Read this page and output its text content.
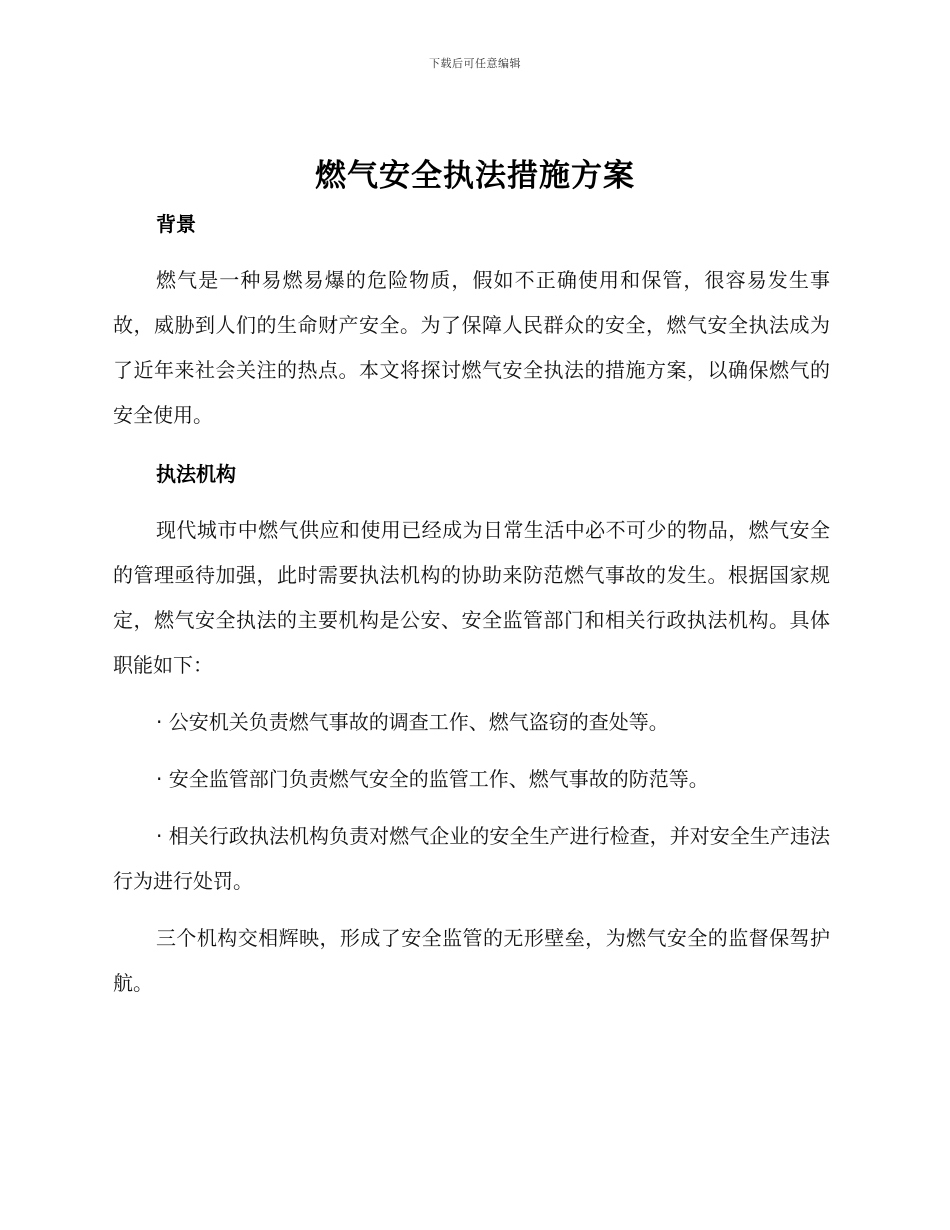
下载后可任意编辑
燃气安全执法措施方案
背景

燃气是一种易燃易爆的危险物质，假如不正确使用和保管，很容易发生事故，威胁到人们的生命财产安全。为了保障人民群众的安全，燃气安全执法成为了近年来社会关注的热点。本文将探讨燃气安全执法的措施方案，以确保燃气的安全使用。

执法机构

现代城市中燃气供应和使用已经成为日常生活中必不可少的物品，燃气安全的管理亟待加强，此时需要执法机构的协助来防范燃气事故的发生。根据国家规定，燃气安全执法的主要机构是公安、安全监管部门和相关行政执法机构。具体职能如下：

· 公安机关负责燃气事故的调查工作、燃气盗窃的查处等。

· 安全监管部门负责燃气安全的监管工作、燃气事故的防范等。

· 相关行政执法机构负责对燃气企业的安全生产进行检查，并对安全生产违法行为进行处罚。

三个机构交相辉映，形成了安全监管的无形壁垒，为燃气安全的监督保驾护航。
